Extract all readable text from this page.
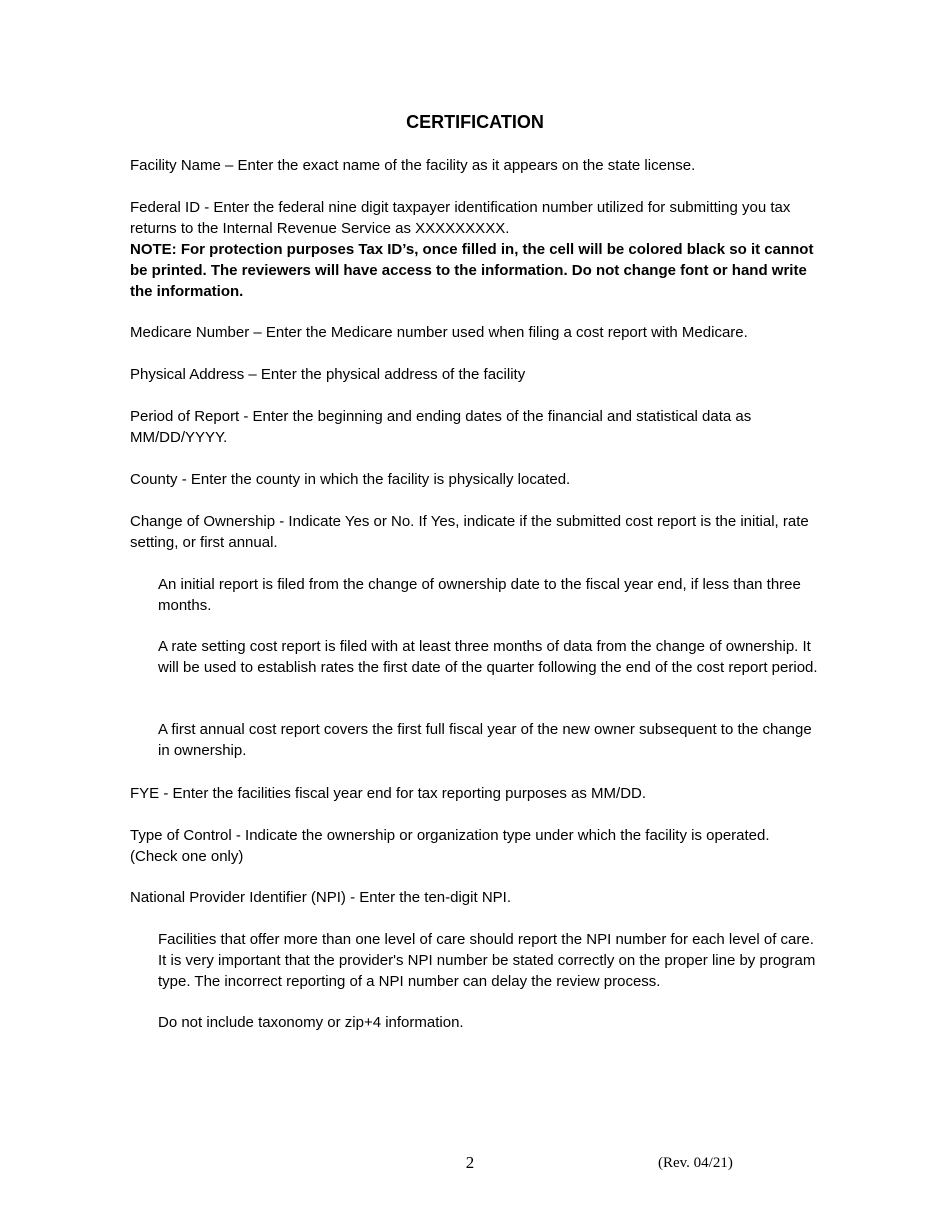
CERTIFICATION

Facility Name – Enter the exact name of the facility as it appears on the state license.

Federal ID - Enter the federal nine digit taxpayer identification number utilized for submitting you tax returns to the Internal Revenue Service as XXXXXXXXX.

NOTE: For protection purposes Tax ID’s, once filled in, the cell will be colored black so it cannot be printed. The reviewers will have access to the information. Do not change font or hand write the information.

Medicare Number – Enter the Medicare number used when filing a cost report with Medicare.

Physical Address – Enter the physical address of the facility

Period of Report - Enter the beginning and ending dates of the financial and statistical data as MM/DD/YYYY.

County - Enter the county in which the facility is physically located.

Change of Ownership - Indicate Yes or No. If Yes, indicate if the submitted cost report is the initial, rate setting, or first annual.

An initial report is filed from the change of ownership date to the fiscal year end, if less than three months.

A rate setting cost report is filed with at least three months of data from the change of ownership. It will be used to establish rates the first date of the quarter following the end of the cost report period.

A first annual cost report covers the first full fiscal year of the new owner subsequent to the change in ownership.

FYE - Enter the facilities fiscal year end for tax reporting purposes as MM/DD.

Type of Control - Indicate the ownership or organization type under which the facility is operated. (Check one only)

National Provider Identifier (NPI) - Enter the ten-digit NPI.

Facilities that offer more than one level of care should report the NPI number for each level of care. It is very important that the provider's NPI number be stated correctly on the proper line by program type. The incorrect reporting of a NPI number can delay the review process.

Do not include taxonomy or zip+4 information.

2	(Rev. 04/21)
